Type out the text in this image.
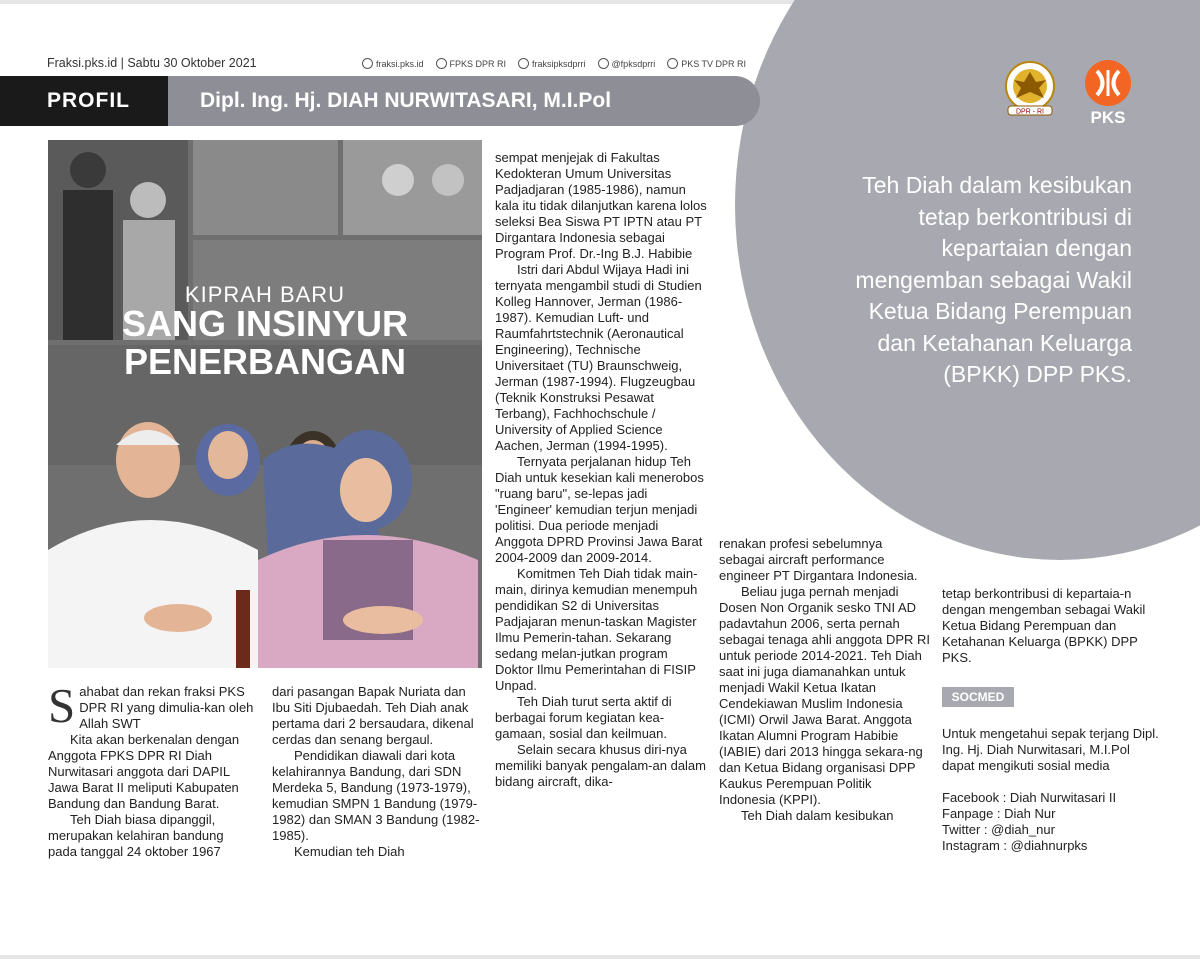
Fraksi.pks.id | Sabtu 30 Oktober 2021	fraksi.pks.id	FPKS DPR RI	fraksipksdprri	@fpksdprri	PKS TV DPR RI
PROFIL	Dipl. Ing. Hj. DIAH NURWITASARI, M.I.Pol	DPR - RI	PKS
Teh Diah dalam kesibukan tetap berkontribusi di kepartaian dengan mengemban sebagai Wakil Ketua Bidang Perempuan dan Ketahanan Keluarga (BPKK) DPP PKS.
KIPRAH BARU
SANG INSINYUR
PENERBANGAN

Sahabat dan rekan fraksi PKS DPR RI yang dimulia-kan oleh Allah SWT

Kita akan berkenalan dengan Anggota FPKS DPR RI Diah Nurwitasari anggota dari DAPIL Jawa Barat II meliputi Kabupaten Bandung dan Bandung Barat.

Teh Diah biasa dipanggil, merupakan kelahiran bandung pada tanggal 24 oktober 1967

dari pasangan Bapak Nuriata dan Ibu Siti Djubaedah. Teh Diah anak pertama dari 2 bersaudara, dikenal cerdas dan senang bergaul.

Pendidikan diawali dari kota kelahirannya Bandung, dari SDN Merdeka 5, Bandung (1973-1979), kemudian SMPN 1 Bandung (1979-1982) dan SMAN 3 Bandung (1982-1985).

Kemudian teh Diah

sempat menjejak di Fakultas Kedokteran Umum Universitas Padjadjaran (1985-1986), namun kala itu tidak dilanjutkan karena lolos seleksi Bea Siswa PT IPTN atau PT Dirgantara Indonesia sebagai Program Prof. Dr.-Ing B.J. Habibie

Istri dari Abdul Wijaya Hadi ini ternyata mengambil studi di Studien Kolleg Hannover, Jerman (1986-1987). Kemudian Luft- und Raumfahrtstechnik (Aeronautical Engineering), Technische Universitaet (TU) Braunschweig, Jerman (1987-1994). Flugzeugbau (Teknik Konstruksi Pesawat Terbang), Fachhochschule / University of Applied Science Aachen, Jerman (1994-1995).

Ternyata perjalanan hidup Teh Diah untuk kesekian kali menerobos "ruang baru", se-lepas jadi 'Engineer' kemudian terjun menjadi politisi. Dua periode menjadi Anggota DPRD Provinsi Jawa Barat 2004-2009 dan 2009-2014.

Komitmen Teh Diah tidak main-main, dirinya kemudian menempuh pendidikan S2 di Universitas Padjajaran menun-taskan Magister Ilmu Pemerin-tahan. Sekarang sedang melan-jutkan program Doktor Ilmu Pemerintahan di FISIP Unpad.

Teh Diah turut serta aktif di berbagai forum kegiatan kea-gamaan, sosial dan keilmuan.

Selain secara khusus diri-nya memiliki banyak pengalam-an dalam bidang aircraft, dika-

renakan profesi sebelumnya sebagai aircraft performance engineer PT Dirgantara Indonesia.

Beliau juga pernah menjadi Dosen Non Organik sesko TNI AD padavtahun 2006, serta pernah sebagai tenaga ahli anggota DPR RI untuk periode 2014-2021. Teh Diah saat ini juga diamanahkan untuk menjadi Wakil Ketua Ikatan Cendekiawan Muslim Indonesia (ICMI) Orwil Jawa Barat. Anggota Ikatan Alumni Program Habibie (IABIE) dari 2013 hingga sekara-ng dan Ketua Bidang organisasi DPP Kaukus Perempuan Politik Indonesia (KPPI).

Teh Diah dalam kesibukan

tetap berkontribusi di kepartaia-n dengan mengemban sebagai Wakil Ketua Bidang Perempuan dan Ketahanan Keluarga (BPKK) DPP PKS.

SOCMED

Untuk mengetahui sepak terjang Dipl. Ing. Hj. Diah Nurwitasari, M.I.Pol dapat mengikuti sosial media

Facebook : Diah Nurwitasari II

Fanpage : Diah Nur

Twitter : @diah_nur

Instagram : @diahnurpks
